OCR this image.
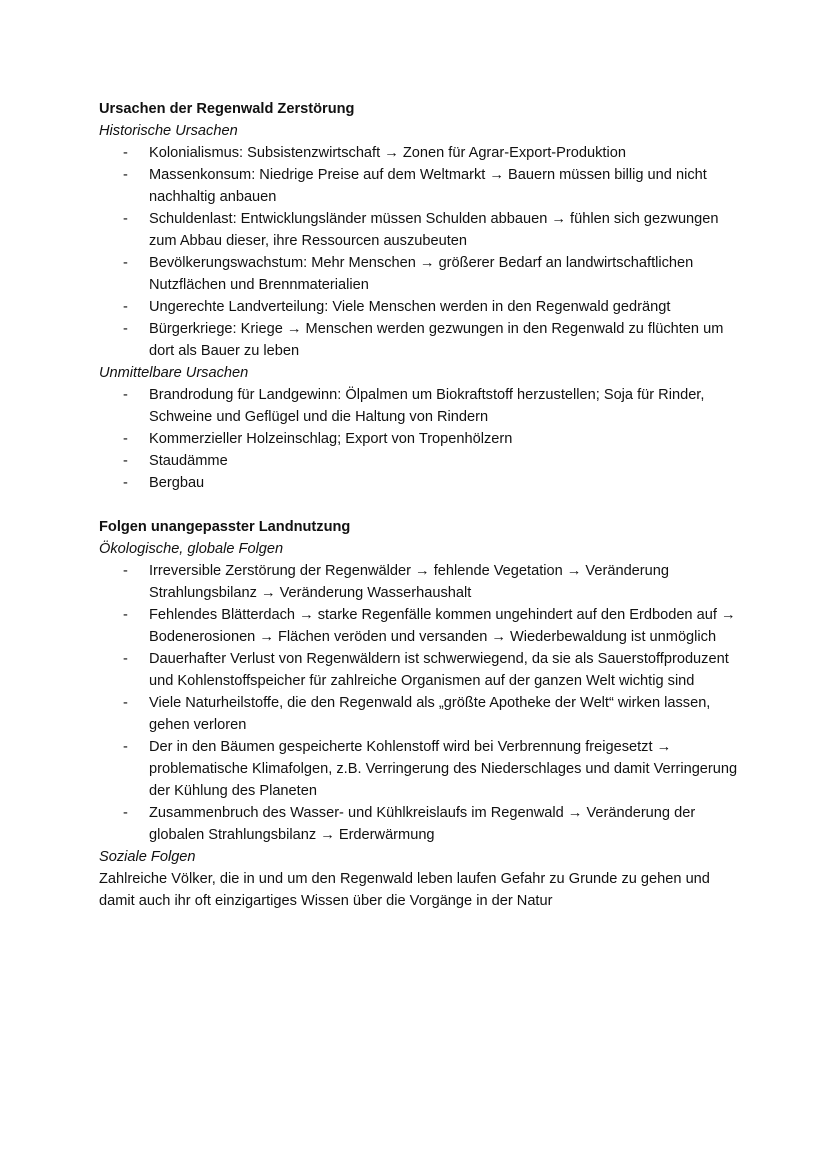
Ursachen der Regenwald Zerstörung

Historische Ursachen

- Kolonialismus: Subsistenzwirtschaft → Zonen für Agrar-Export-Produktion
- Massenkonsum: Niedrige Preise auf dem Weltmarkt → Bauern müssen billig und nicht nachhaltig anbauen
- Schuldenlast: Entwicklungsländer müssen Schulden abbauen → fühlen sich gezwungen zum Abbau dieser, ihre Ressourcen auszubeuten
- Bevölkerungswachstum: Mehr Menschen → größerer Bedarf an landwirtschaftlichen Nutzflächen und Brennmaterialien
- Ungerechte Landverteilung: Viele Menschen werden in den Regenwald gedrängt
- Bürgerkriege: Kriege → Menschen werden gezwungen in den Regenwald zu flüchten um dort als Bauer zu leben

Unmittelbare Ursachen

- Brandrodung für Landgewinn: Ölpalmen um Biokraftstoff herzustellen; Soja für Rinder, Schweine und Geflügel und die Haltung von Rindern
- Kommerzieller Holzeinschlag; Export von Tropenhölzern
- Staudämme
- Bergbau

Folgen unangepasster Landnutzung

Ökologische, globale Folgen

- Irreversible Zerstörung der Regenwälder → fehlende Vegetation → Veränderung Strahlungsbilanz → Veränderung Wasserhaushalt
- Fehlendes Blätterdach → starke Regenfälle kommen ungehindert auf den Erdboden auf → Bodenerosionen → Flächen veröden und versanden → Wiederbewaldung ist unmöglich
- Dauerhafter Verlust von Regenwäldern ist schwerwiegend, da sie als Sauerstoffproduzent und Kohlenstoffspeicher für zahlreiche Organismen auf der ganzen Welt wichtig sind
- Viele Naturheilstoffe, die den Regenwald als „größte Apotheke der Welt“ wirken lassen, gehen verloren
- Der in den Bäumen gespeicherte Kohlenstoff wird bei Verbrennung freigesetzt → problematische Klimafolgen, z.B. Verringerung des Niederschlages und damit Verringerung der Kühlung des Planeten
- Zusammenbruch des Wasser- und Kühlkreislaufs im Regenwald → Veränderung der globalen Strahlungsbilanz → Erderwärmung

Soziale Folgen

Zahlreiche Völker, die in und um den Regenwald leben laufen Gefahr zu Grunde zu gehen und damit auch ihr oft einzigartiges Wissen über die Vorgänge in der Natur
